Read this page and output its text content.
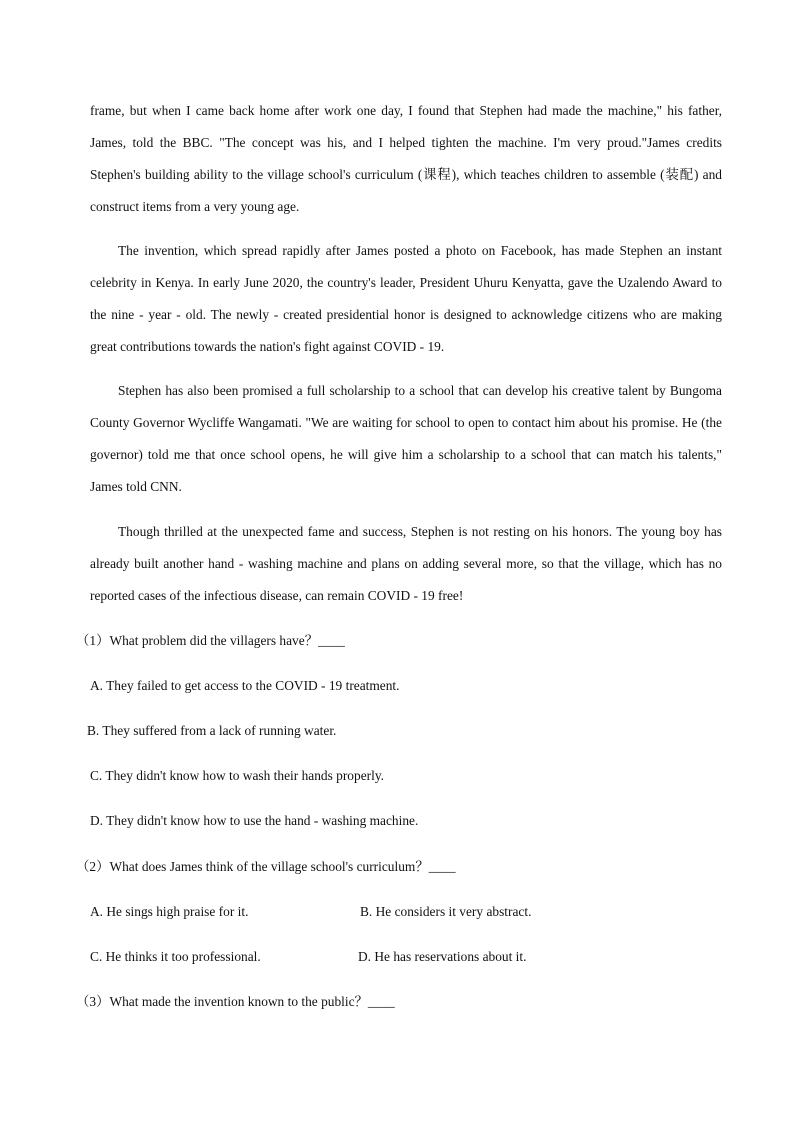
frame, but when I came back home after work one day, I found that Stephen had made the machine," his father, James, told the BBC. "The concept was his, and I helped tighten the machine. I'm very proud."James credits Stephen's building ability to the village school's curriculum (课程), which teaches children to assemble (装配) and construct items from a very young age.

The invention, which spread rapidly after James posted a photo on Facebook, has made Stephen an instant celebrity in Kenya. In early June 2020, the country's leader, President Uhuru Kenyatta, gave the Uzalendo Award to the nine - year - old. The newly - created presidential honor is designed to acknowledge citizens who are making great contributions towards the nation's fight against COVID - 19.

Stephen has also been promised a full scholarship to a school that can develop his creative talent by Bungoma County Governor Wycliffe Wangamati. "We are waiting for school to open to contact him about his promise. He (the governor) told me that once school opens, he will give him a scholarship to a school that can match his talents," James told CNN.

Though thrilled at the unexpected fame and success, Stephen is not resting on his honors. The young boy has already built another hand - washing machine and plans on adding several more, so that the village, which has no reported cases of the infectious disease, can remain COVID - 19 free!

（1）What problem did the villagers have？____

A. They failed to get access to the COVID - 19 treatment.

B. They suffered from a lack of running water.

C. They didn't know how to wash their hands properly.

D. They didn't know how to use the hand - washing machine.

（2）What does James think of the village school's curriculum？____

A. He sings high praise for it.	B. He considers it very abstract.

C. He thinks it too professional.	D. He has reservations about it.

（3）What made the invention known to the public？____
